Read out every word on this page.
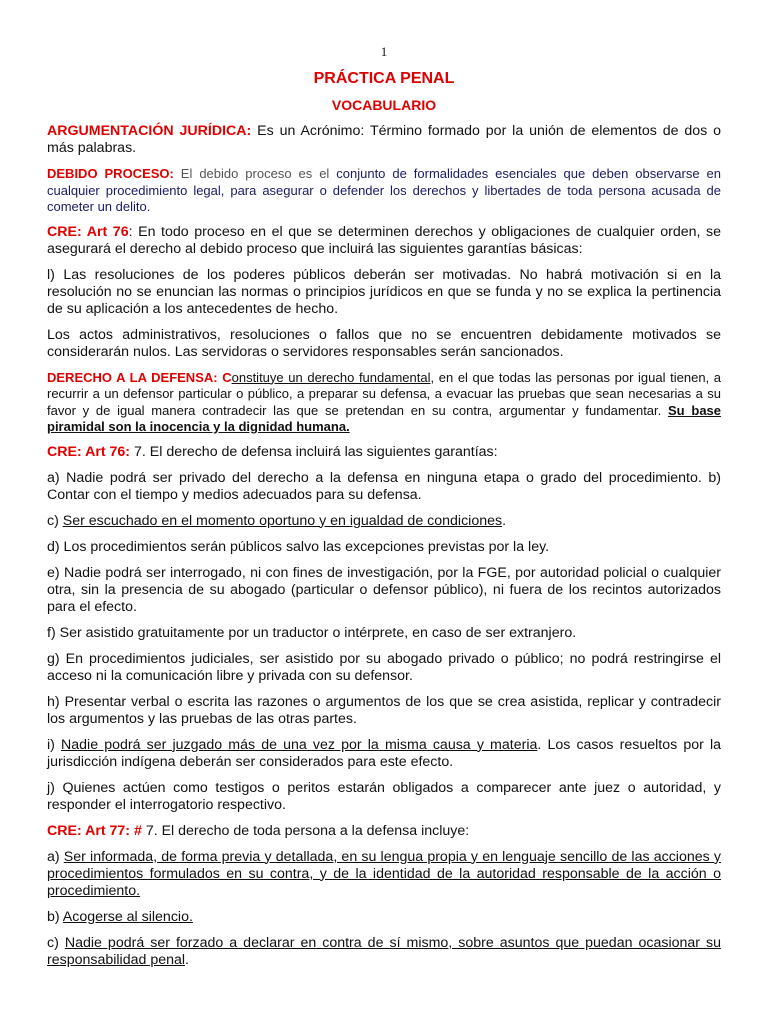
1
PRÁCTICA PENAL
VOCABULARIO

ARGUMENTACIÓN JURÍDICA: Es un Acrónimo: Término formado por la unión de elementos de dos o más palabras.

DEBIDO PROCESO: El debido proceso es el conjunto de formalidades esenciales que deben observarse en cualquier procedimiento legal, para asegurar o defender los derechos y libertades de toda persona acusada de cometer un delito.

CRE: Art 76: En todo proceso en el que se determinen derechos y obligaciones de cualquier orden, se asegurará el derecho al debido proceso que incluirá las siguientes garantías básicas:

l) Las resoluciones de los poderes públicos deberán ser motivadas. No habrá motivación si en la resolución no se enuncian las normas o principios jurídicos en que se funda y no se explica la pertinencia de su aplicación a los antecedentes de hecho.

Los actos administrativos, resoluciones o fallos que no se encuentren debidamente motivados se considerarán nulos. Las servidoras o servidores responsables serán sancionados.

DERECHO A LA DEFENSA: Constituye un derecho fundamental, en el que todas las personas por igual tienen, a recurrir a un defensor particular o público, a preparar su defensa, a evacuar las pruebas que sean necesarias a su favor y de igual manera contradecir las que se pretendan en su contra, argumentar y fundamentar. Su base piramidal son la inocencia y la dignidad humana.

CRE: Art 76: 7. El derecho de defensa incluirá las siguientes garantías:

a) Nadie podrá ser privado del derecho a la defensa en ninguna etapa o grado del procedimiento. b) Contar con el tiempo y medios adecuados para su defensa.

c) Ser escuchado en el momento oportuno y en igualdad de condiciones.

d) Los procedimientos serán públicos salvo las excepciones previstas por la ley.

e) Nadie podrá ser interrogado, ni con fines de investigación, por la FGE, por autoridad policial o cualquier otra, sin la presencia de su abogado (particular o defensor público), ni fuera de los recintos autorizados para el efecto.

f) Ser asistido gratuitamente por un traductor o intérprete, en caso de ser extranjero.

g) En procedimientos judiciales, ser asistido por su abogado privado o público; no podrá restringirse el acceso ni la comunicación libre y privada con su defensor.

h) Presentar verbal o escrita las razones o argumentos de los que se crea asistida, replicar y contradecir los argumentos y las pruebas de las otras partes.

i) Nadie podrá ser juzgado más de una vez por la misma causa y materia. Los casos resueltos por la jurisdicción indígena deberán ser considerados para este efecto.

j) Quienes actúen como testigos o peritos estarán obligados a comparecer ante juez o autoridad, y responder el interrogatorio respectivo.

CRE: Art 77: # 7. El derecho de toda persona a la defensa incluye:

a) Ser informada, de forma previa y detallada, en su lengua propia y en lenguaje sencillo de las acciones y procedimientos formulados en su contra, y de la identidad de la autoridad responsable de la acción o procedimiento.

b) Acogerse al silencio.

c) Nadie podrá ser forzado a declarar en contra de sí mismo, sobre asuntos que puedan ocasionar su responsabilidad penal.
